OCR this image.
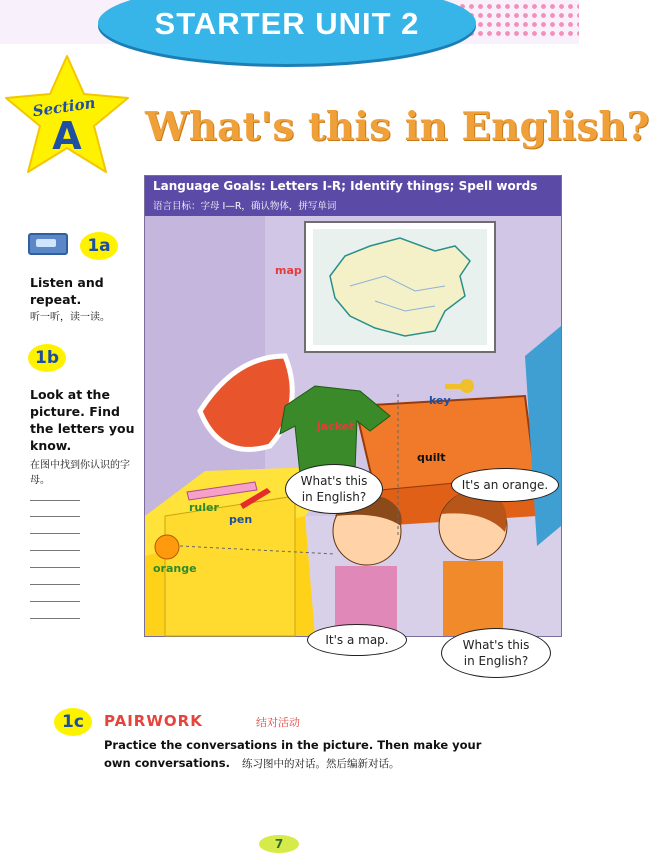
STARTER UNIT 2
Section
A What's this in English?
1a
Listen and
repeat.
听一听，读一读。
1b
Look at the
picture. Find
the letters you
know.
在图中找到你认识的字
母。
Language Goals: Letters I-R; Identify things; Spell words
语言目标：字母 I—R，确认物体，拼写单词
map
key
jacket
quilt
ruler
pen
orange
What's this
in English?
It's an orange.
It's a map.	What's this
in English?
1c	PAIRWORK	结对活动
Practice the conversations in the picture. Then make your
own conversations. 练习图中的对话。然后编新对话。
7
